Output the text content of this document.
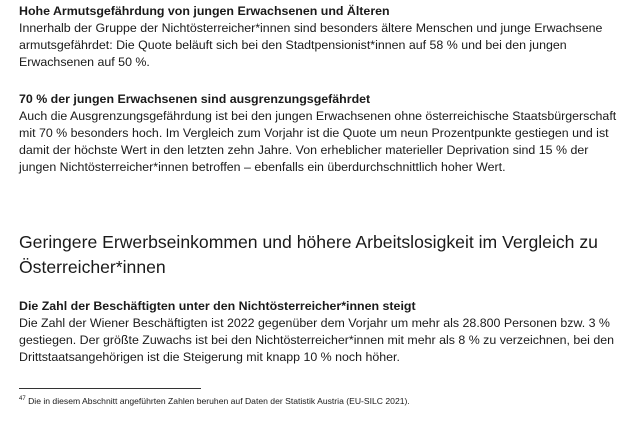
Hohe Armutsgefährdung von jungen Erwachsenen und Älteren

Innerhalb der Gruppe der Nichtösterreicher*innen sind besonders ältere Menschen und junge Erwachsene armutsgefährdet: Die Quote beläuft sich bei den Stadtpensionist*innen auf 58 % und bei den jungen Erwachsenen auf 50 %.

70 % der jungen Erwachsenen sind ausgrenzungsgefährdet

Auch die Ausgrenzungsgefährdung ist bei den jungen Erwachsenen ohne österreichische Staatsbürgerschaft mit 70 % besonders hoch. Im Vergleich zum Vorjahr ist die Quote um neun Prozentpunkte gestiegen und ist damit der höchste Wert in den letzten zehn Jahre. Von erheblicher materieller Deprivation sind 15 % der jungen Nichtösterreicher*innen betroffen – ebenfalls ein überdurchschnittlich hoher Wert.

Geringere Erwerbseinkommen und höhere Arbeitslosigkeit im Vergleich zu Österreicher*innen

Die Zahl der Beschäftigten unter den Nichtösterreicher*innen steigt

Die Zahl der Wiener Beschäftigten ist 2022 gegenüber dem Vorjahr um mehr als 28.800 Personen bzw. 3 % gestiegen. Der größte Zuwachs ist bei den Nichtösterreicher*innen mit mehr als 8 % zu verzeichnen, bei den Drittstaatsangehörigen ist die Steigerung mit knapp 10 % noch höher.

$^{47}$ Die in diesem Abschnitt angeführten Zahlen beruhen auf Daten der Statistik Austria (EU-SILC 2021).
